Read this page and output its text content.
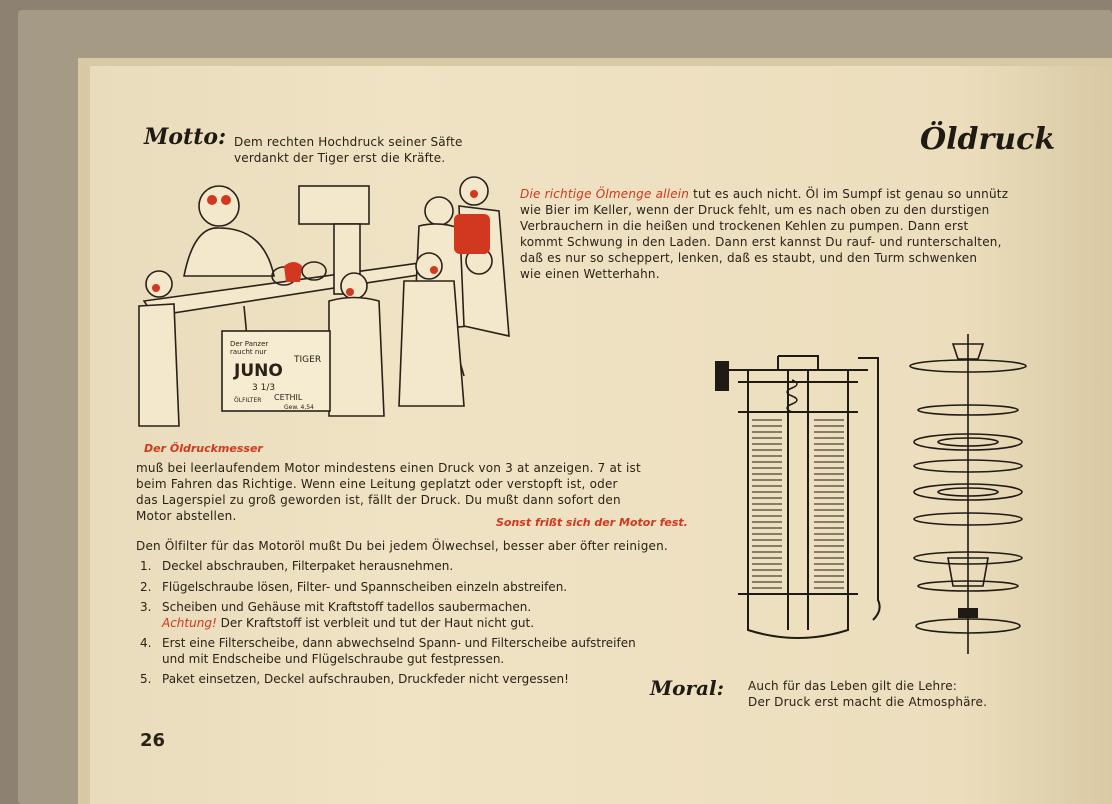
Motto: Dem rechten Hochdruck seiner Säfte
verdankt der Tiger erst die Kräfte.
Öldruck
Die richtige Ölmenge allein tut es auch nicht. Öl im Sumpf ist genau so unnütz
wie Bier im Keller, wenn der Druck fehlt, um es nach oben zu den durstigen
Verbrauchern in die heißen und trockenen Kehlen zu pumpen. Dann erst
kommt Schwung in den Laden. Dann erst kannst Du rauf- und runterschalten,
daß es nur so scheppert, lenken, daß es staubt, und den Turm schwenken
wie einen Wetterhahn.
Der Panzer
raucht nur
JUNO
TIGER
3 1/3
ÖLFILTER CETHIL
Gew. 4,54
Der Öldruckmesser
muß bei leerlaufendem Motor mindestens einen Druck von 3 at anzeigen. 7 at ist
beim Fahren das Richtige. Wenn eine Leitung geplatzt oder verstopft ist, oder
das Lagerspiel zu groß geworden ist, fällt der Druck. Du mußt dann sofort den
Motor abstellen.	Sonst frißt sich der Motor fest.
Den Ölfilter für das Motoröl mußt Du bei jedem Ölwechsel, besser aber öfter reinigen.
1. Deckel abschrauben, Filterpaket herausnehmen.
2. Flügelschraube lösen, Filter- und Spannscheiben einzeln abstreifen.
3. Scheiben und Gehäuse mit Kraftstoff tadellos saubermachen.
Achtung! Der Kraftstoff ist verbleit und tut der Haut nicht gut.
4. Erst eine Filterscheibe, dann abwechselnd Spann- und Filterscheibe aufstreifen
und mit Endscheibe und Flügelschraube gut festpressen.
5. Paket einsetzen, Deckel aufschrauben, Druckfeder nicht vergessen!	Moral: Auch für das Leben gilt die Lehre:
Der Druck erst macht die Atmosphäre.
26
